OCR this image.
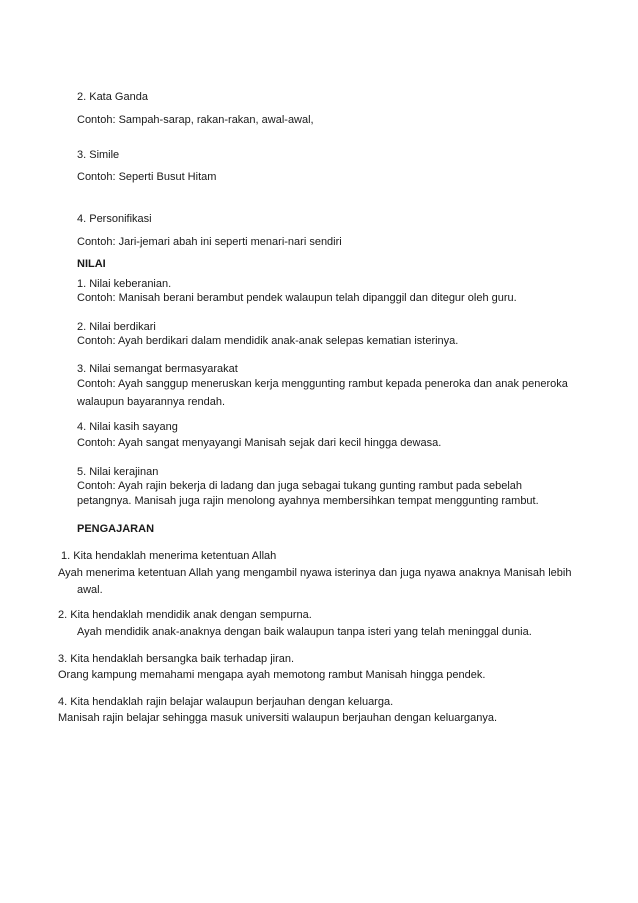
2. Kata Ganda

Contoh: Sampah-sarap, rakan-rakan, awal-awal,

3. Simile

Contoh: Seperti Busut Hitam

4. Personifikasi

Contoh: Jari-jemari abah ini seperti menari-nari sendiri

NILAI

1. Nilai keberanian.

Contoh: Manisah berani berambut pendek walaupun telah dipanggil dan ditegur oleh guru.

2. Nilai berdikari

Contoh: Ayah berdikari dalam mendidik anak-anak selepas kematian isterinya.

3. Nilai semangat bermasyarakat

Contoh: Ayah sanggup meneruskan kerja menggunting rambut kepada peneroka dan anak peneroka

walaupun bayarannya rendah.

4. Nilai kasih sayang

Contoh: Ayah sangat menyayangi Manisah sejak dari kecil hingga dewasa.

5. Nilai kerajinan

Contoh: Ayah rajin bekerja di ladang dan juga sebagai tukang gunting rambut pada sebelah

petangnya. Manisah juga rajin menolong ayahnya membersihkan tempat menggunting rambut.

PENGAJARAN

1. Kita hendaklah menerima ketentuan Allah

Ayah menerima ketentuan Allah yang mengambil nyawa isterinya dan juga nyawa anaknya Manisah lebih

awal.

2. Kita hendaklah mendidik anak dengan sempurna.

Ayah mendidik anak-anaknya dengan baik walaupun tanpa isteri yang telah meninggal dunia.

3. Kita hendaklah bersangka baik terhadap jiran.

Orang kampung memahami mengapa ayah memotong rambut Manisah hingga pendek.

4. Kita hendaklah rajin belajar walaupun berjauhan dengan keluarga.

Manisah rajin belajar sehingga masuk universiti walaupun berjauhan dengan keluarganya.
